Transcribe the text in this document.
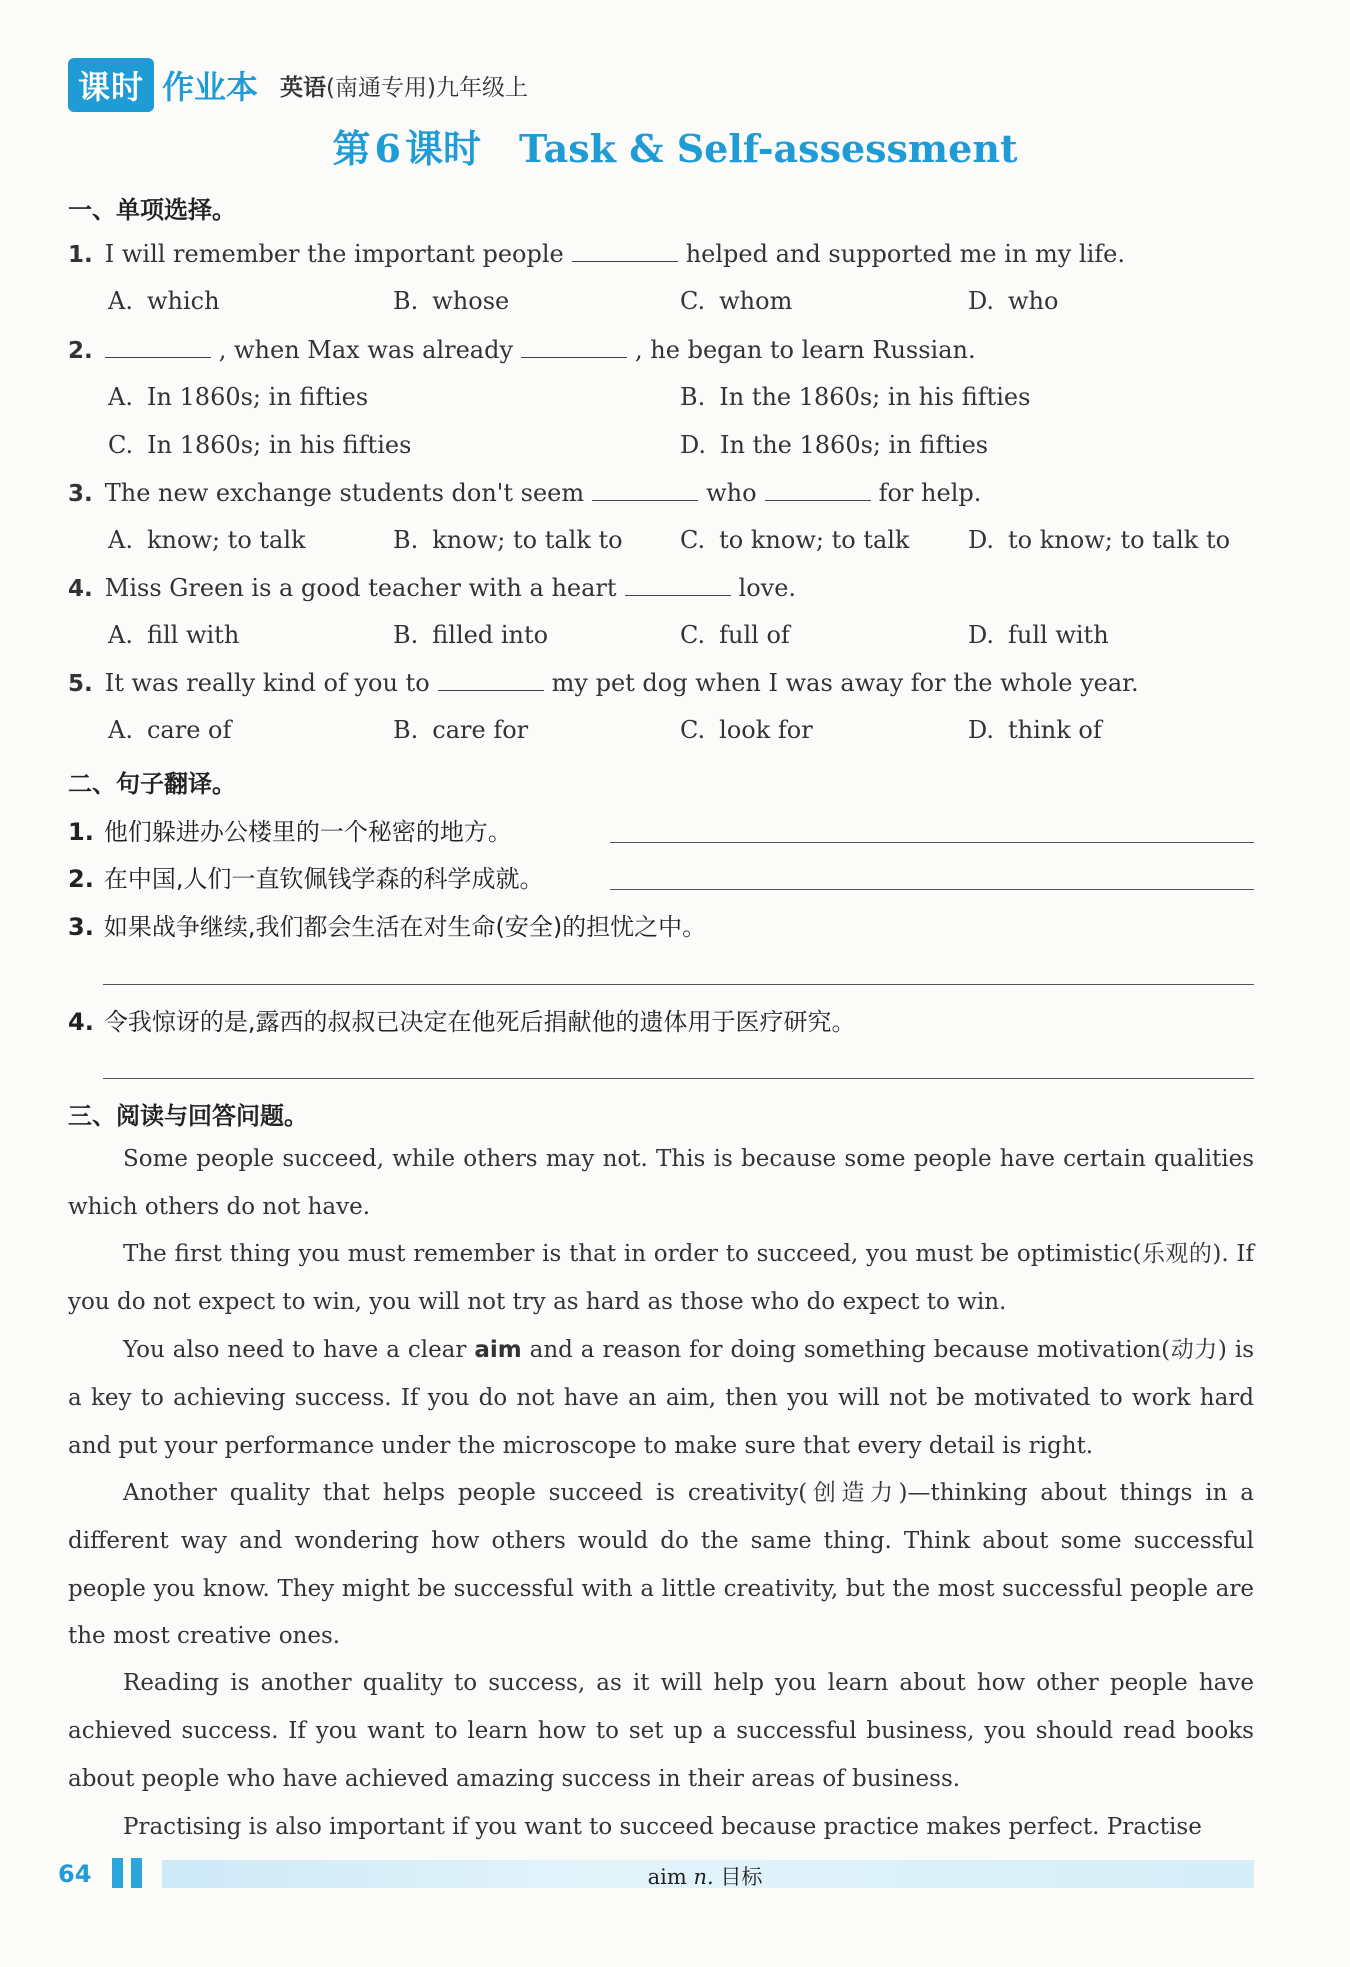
课时 作业本 英语(南通专用)九年级上
第 6 课时 Task & Self-assessment
一、单项选择。
1. I will remember the important people	helped and supported me in my life.
A. which	B. whose	C. whom	D. who
2.	, when Max was already	, he began to learn Russian.
A. In 1860s; in fifties	B. In the 1860s; in his fifties
C. In 1860s; in his fifties	D. In the 1860s; in fifties
3. The new exchange students don't seem	who	for help.
A. know; to talk	B. know; to talk to C. to know; to talk D. to know; to talk to
4. Miss Green is a good teacher with a heart	love.
A. fill with	B. filled into	C. full of	D. full with
5. It was really kind of you to	my pet dog when I was away for the whole year.
A. care of	B. care for	C. look for	D. think of
二、句子翻译。
1. 他们躲进办公楼里的一个秘密的地方。
2. 在中国,人们一直钦佩钱学森的科学成就。
3. 如果战争继续,我们都会生活在对生命(安全)的担忧之中。
4. 令我惊讶的是,露西的叔叔已决定在他死后捐献他的遗体用于医疗研究。
三、阅读与回答问题。
Some people succeed, while others may not. This is because some people have certain qualities which others do not have.
The first thing you must remember is that in order to succeed, you must be optimistic(乐观的). If you do not expect to win, you will not try as hard as those who do expect to win.
You also need to have a clear aim and a reason for doing something because motivation(动力) is a key to achieving success. If you do not have an aim, then you will not be motivated to work hard and put your performance under the microscope to make sure that every detail is right.
Another quality that helps people succeed is creativity(创造力)—thinking about things in a different way and wondering how others would do the same thing. Think about some successful people you know. They might be successful with a little creativity, but the most successful people are the most creative ones.
Reading is another quality to success, as it will help you learn about how other people have achieved success. If you want to learn how to set up a successful business, you should read books about people who have achieved amazing success in their areas of business.
Practising is also important if you want to succeed because practice makes perfect. Practise
64	aim n. 目标
